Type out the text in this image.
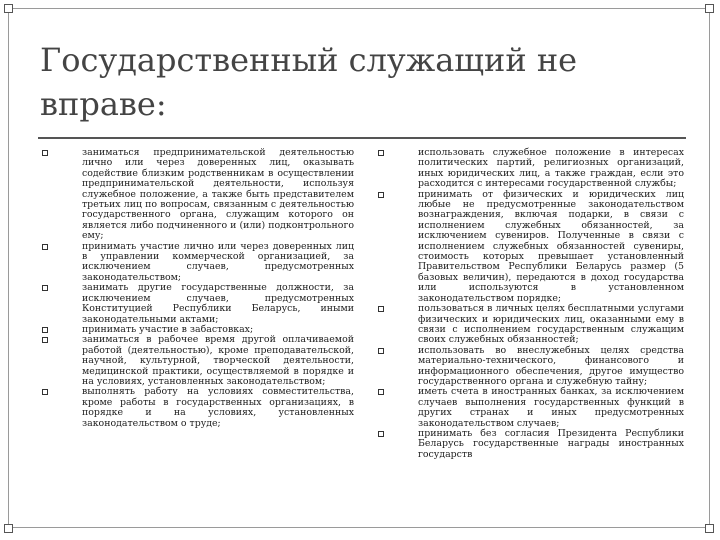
Государственный служащий не вправе:
заниматься предпринимательской деятельностью лично или через доверенных лиц, оказывать содействие близким родственникам в осуществлении предпринимательской деятельности, используя служебное положение, а также быть представителем третьих лиц по вопросам, связанным с деятельностью государственного органа, служащим которого он является либо подчиненного и (или) подконтрольного ему;
принимать участие лично или через доверенных лиц в управлении коммерческой организацией, за исключением случаев, предусмотренных законодательством;
занимать другие государственные должности, за исключением случаев, предусмотренных Конституцией Республики Беларусь, иными законодательными актами;
принимать участие в забастовках;
заниматься в рабочее время другой оплачиваемой работой (деятельностью), кроме преподавательской, научной, культурной, творческой деятельности, медицинской практики, осуществляемой в порядке и на условиях, установленных законодательством;
выполнять работу на условиях совместительства, кроме работы в государственных организациях, в порядке и на условиях, установленных законодательством о труде;
использовать служебное положение в интересах политических партий, религиозных организаций, иных юридических лиц, а также граждан, если это расходится с интересами государственной службы;
принимать от физических и юридических лиц любые не предусмотренные законодательством вознаграждения, включая подарки, в связи с исполнением служебных обязанностей, за исключением сувениров. Полученные в связи с исполнением служебных обязанностей сувениры, стоимость которых превышает установленный Правительством Республики Беларусь размер (5 базовых величин), передаются в доход государства или используются в установленном законодательством порядке;
пользоваться в личных целях бесплатными услугами физических и юридических лиц, оказанными ему в связи с исполнением государственным служащим своих служебных обязанностей;
использовать во внеслужебных целях средства материально-технического, финансового и информационного обеспечения, другое имущество государственного органа и служебную тайну;
иметь счета в иностранных банках, за исключением случаев выполнения государственных функций в других странах и иных предусмотренных законодательством случаев;
принимать без согласия Президента Республики Беларусь государственные награды иностранных государств
